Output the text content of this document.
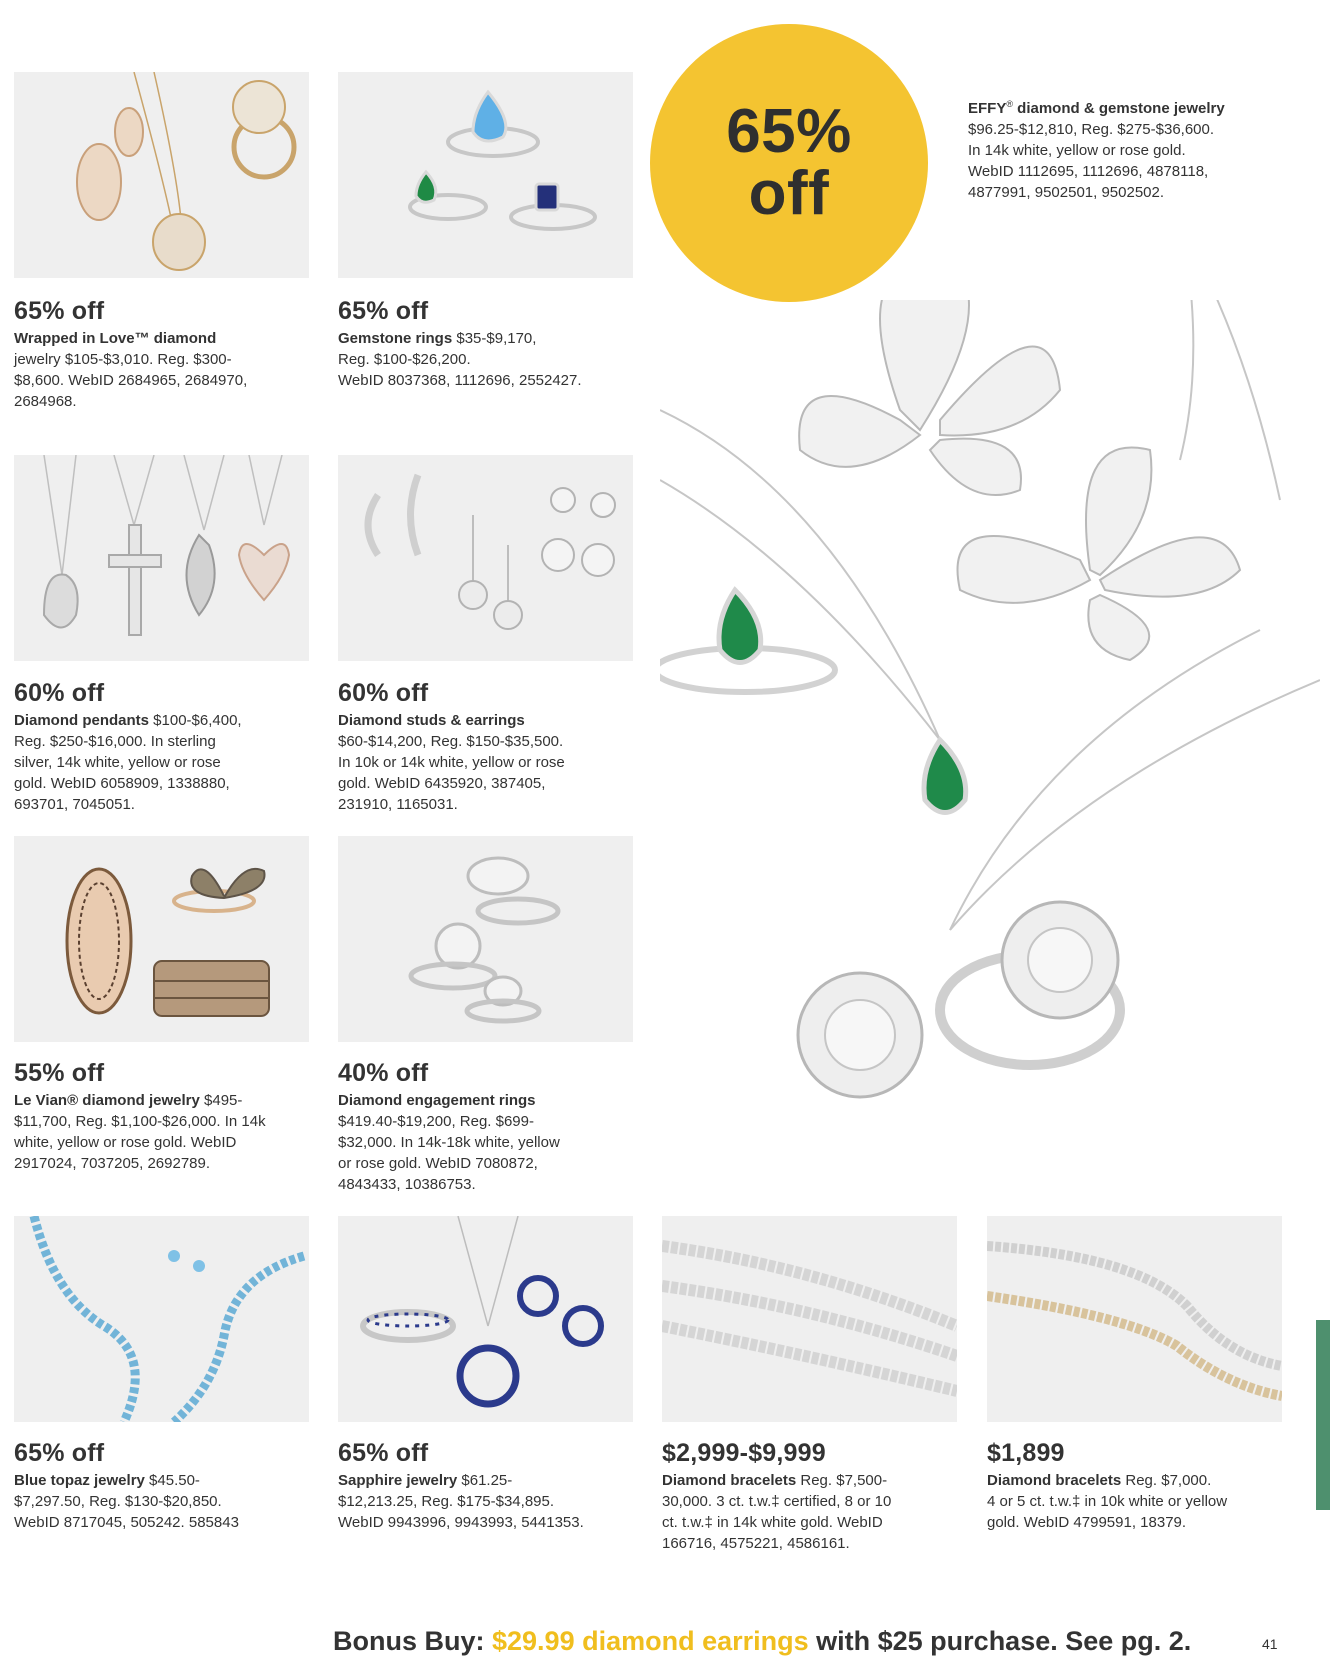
65%
off
EFFY® diamond & gemstone jewelry
$96.25-$12,810, Reg. $275-$36,600.
In 14k white, yellow or rose gold.
WebID 1112695, 1112696, 4878118,
4877991, 9502501, 9502502.
65% off
Wrapped in Love™ diamond
jewelry $105-$3,010. Reg. $300-
$8,600. WebID 2684965, 2684970,
2684968.
65% off
Gemstone rings $35-$9,170,
Reg. $100-$26,200.
WebID 8037368, 1112696, 2552427.
60% off
Diamond pendants $100-$6,400,
Reg. $250-$16,000. In sterling
silver, 14k white, yellow or rose
gold. WebID 6058909, 1338880,
693701, 7045051.
60% off
Diamond studs & earrings
$60-$14,200, Reg. $150-$35,500.
In 10k or 14k white, yellow or rose
gold. WebID 6435920, 387405,
231910, 1165031.
55% off
Le Vian® diamond jewelry $495-
$11,700, Reg. $1,100-$26,000. In 14k
white, yellow or rose gold. WebID
2917024, 7037205, 2692789.
40% off
Diamond engagement rings
$419.40-$19,200, Reg. $699-
$32,000. In 14k-18k white, yellow
or rose gold. WebID 7080872,
4843433, 10386753.
65% off
Blue topaz jewelry $45.50-
$7,297.50, Reg. $130-$20,850.
WebID 8717045, 505242. 585843
65% off
Sapphire jewelry $61.25-
$12,213.25, Reg. $175-$34,895.
WebID 9943996, 9943993, 5441353.
$2,999-$9,999
Diamond bracelets Reg. $7,500-
30,000. 3 ct. t.w.‡ certified, 8 or 10
ct. t.w.‡ in 14k white gold. WebID
166716, 4575221, 4586161.
$1,899
Diamond bracelets Reg. $7,000.
4 or 5 ct. t.w.‡ in 10k white or yellow
gold. WebID 4799591, 18379.
Bonus Buy: $29.99 diamond earrings with $25 purchase. See pg. 2.	41
